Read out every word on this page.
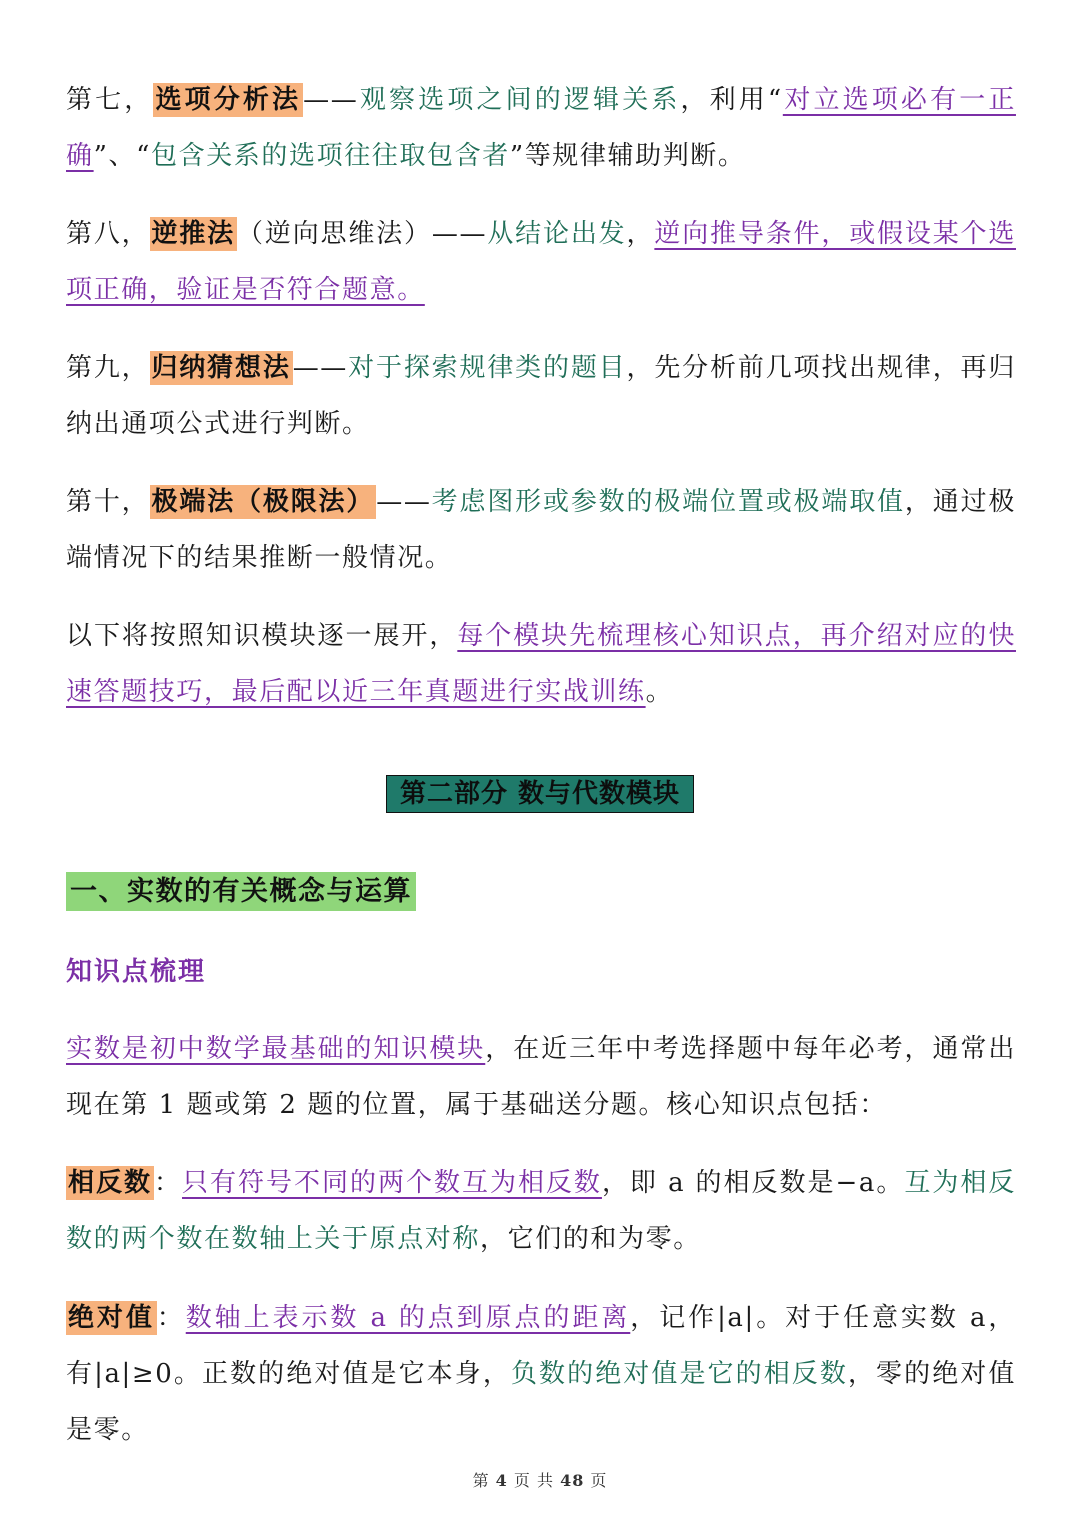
第七，选项分析法——观察选项之间的逻辑关系，利用“对立选项必有一正确”、“包含关系的选项往往取包含者”等规律辅助判断。

第八，逆推法（逆向思维法）——从结论出发，逆向推导条件，或假设某个选项正确，验证是否符合题意。

第九，归纳猜想法——对于探索规律类的题目，先分析前几项找出规律，再归纳出通项公式进行判断。

第十，极端法（极限法）——考虑图形或参数的极端位置或极端取值，通过极端情况下的结果推断一般情况。

以下将按照知识模块逐一展开，每个模块先梳理核心知识点，再介绍对应的快速答题技巧，最后配以近三年真题进行实战训练。

第二部分 数与代数模块
一、实数的有关概念与运算
知识点梳理

实数是初中数学最基础的知识模块，在近三年中考选择题中每年必考，通常出现在第 1 题或第 2 题的位置，属于基础送分题。核心知识点包括：

相反数：只有符号不同的两个数互为相反数，即 a 的相反数是−a。互为相反数的两个数在数轴上关于原点对称，它们的和为零。

绝对值：数轴上表示数 a 的点到原点的距离，记作|a|。对于任意实数 a，有|a|≥0。正数的绝对值是它本身，负数的绝对值是它的相反数，零的绝对值是零。

第 4 页 共 48 页
